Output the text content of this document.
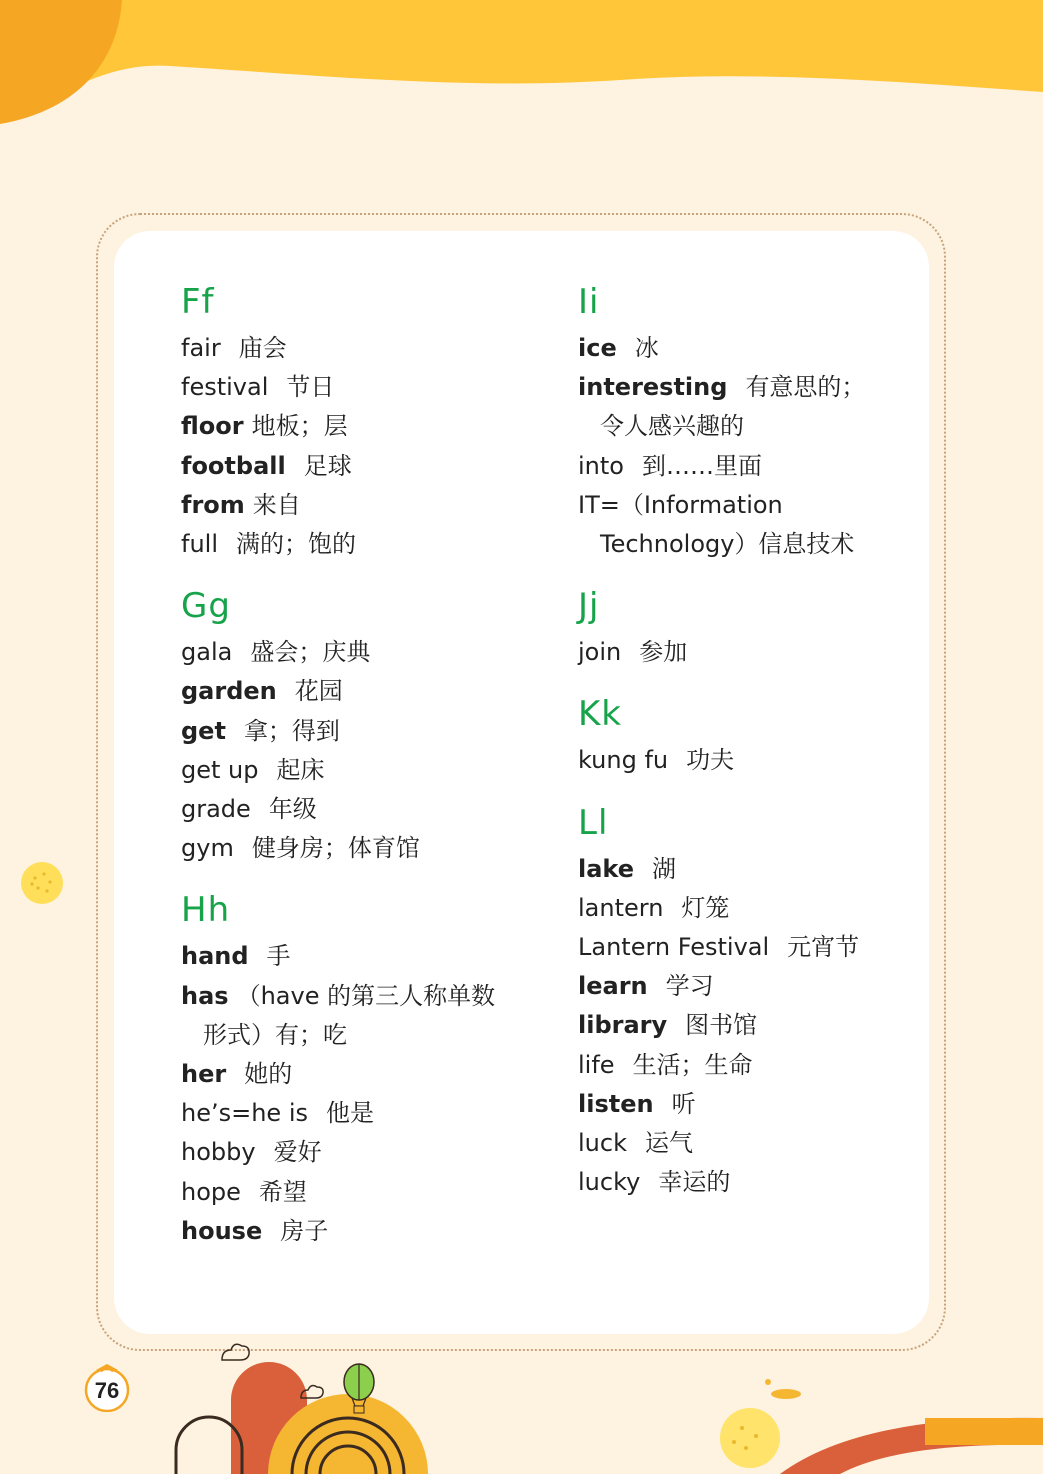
Ff
fair 庙会
festival 节日
floor 地板；层
football 足球
from 来自
full 满的；饱的
Gg
gala 盛会；庆典
garden 花园
get 拿；得到
get up 起床
grade 年级
gym 健身房；体育馆
Hh
hand 手
has （have 的第三人称单数
形式）有；吃
her 她的
he’s=he is 他是
hobby 爱好
hope 希望
house 房子
Ii
ice 冰
interesting 有意思的；
令人感兴趣的
into 到……里面
IT=（Information
Technology）信息技术
Jj
join 参加
Kk
kung fu 功夫
Ll
lake 湖
lantern 灯笼
Lantern Festival 元宵节
learn 学习
library 图书馆
life 生活；生命
listen 听
luck 运气
lucky 幸运的
76
